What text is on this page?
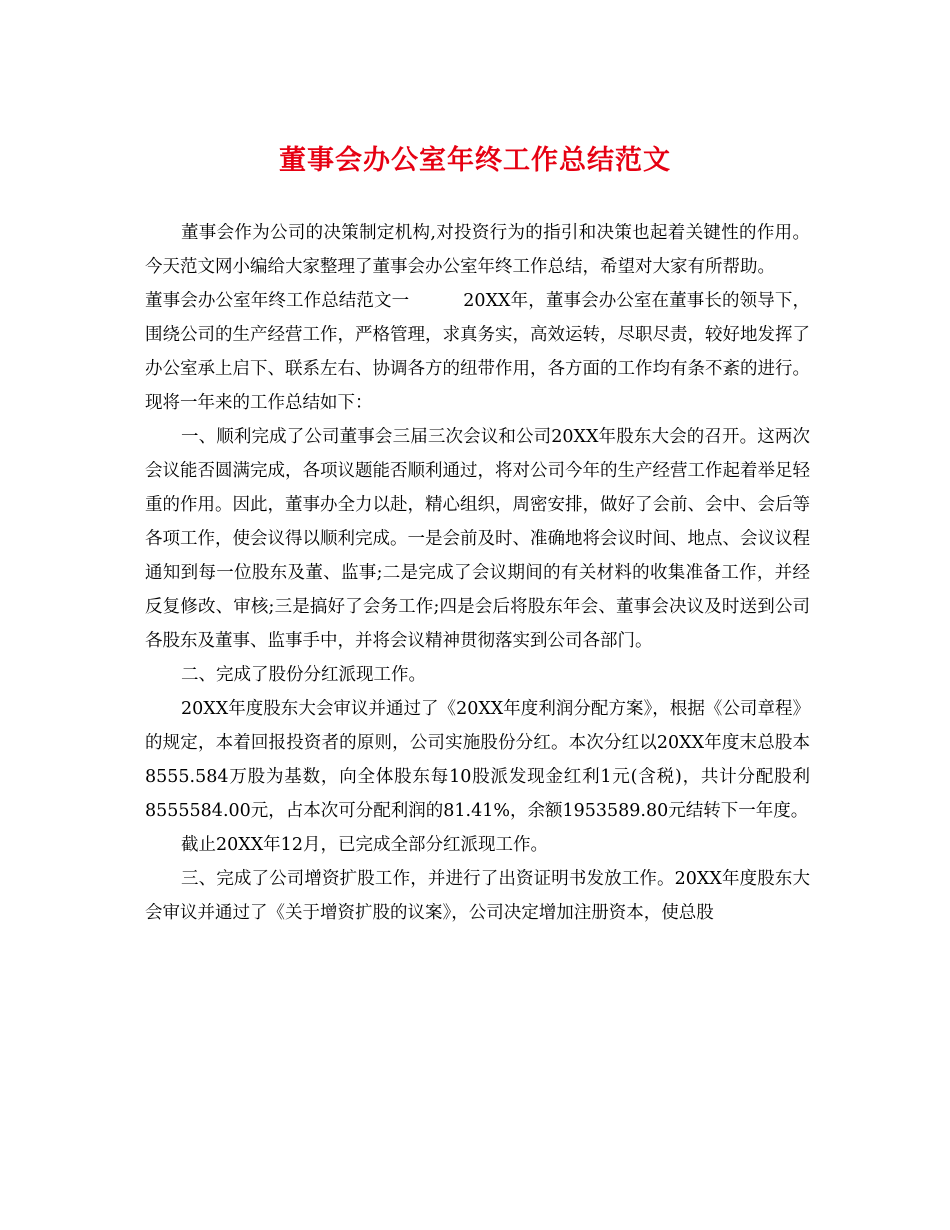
董事会办公室年终工作总结范文

董事会作为公司的决策制定机构,对投资行为的指引和决策也起着关键性的作用。今天范文网小编给大家整理了董事会办公室年终工作总结，希望对大家有所帮助。

董事会办公室年终工作总结范文一	20XX年，董事会办公室在董事长的领导下，围绕公司的生产经营工作，严格管理，求真务实，高效运转，尽职尽责，较好地发挥了办公室承上启下、联系左右、协调各方的纽带作用，各方面的工作均有条不紊的进行。现将一年来的工作总结如下：

一、顺利完成了公司董事会三届三次会议和公司20XX年股东大会的召开。这两次会议能否圆满完成，各项议题能否顺利通过，将对公司今年的生产经营工作起着举足轻重的作用。因此，董事办全力以赴，精心组织，周密安排，做好了会前、会中、会后等各项工作，使会议得以顺利完成。一是会前及时、准确地将会议时间、地点、会议议程通知到每一位股东及董、监事;二是完成了会议期间的有关材料的收集准备工作，并经反复修改、审核;三是搞好了会务工作;四是会后将股东年会、董事会决议及时送到公司各股东及董事、监事手中，并将会议精神贯彻落实到公司各部门。

二、完成了股份分红派现工作。

20XX年度股东大会审议并通过了《20XX年度利润分配方案》，根据《公司章程》的规定，本着回报投资者的原则，公司实施股份分红。本次分红以20XX年度末总股本8555.584万股为基数，向全体股东每10股派发现金红利1元(含税)，共计分配股利8555584.00元，占本次可分配利润的81.41%，余额1953589.80元结转下一年度。

截止20XX年12月，已完成全部分红派现工作。

三、完成了公司增资扩股工作，并进行了出资证明书发放工作。20XX年度股东大会审议并通过了《关于增资扩股的议案》，公司决定增加注册资本，使总股
